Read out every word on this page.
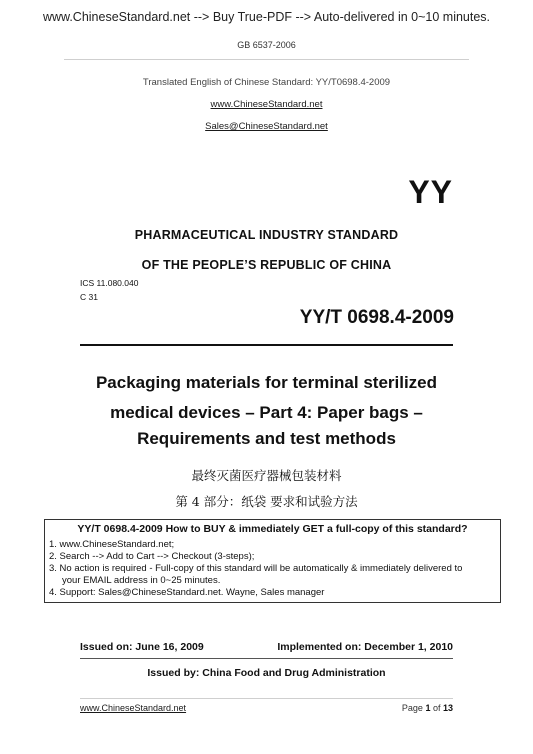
www.ChineseStandard.net --> Buy True-PDF --> Auto-delivered in 0~10 minutes.
GB 6537-2006
Translated English of Chinese Standard: YY/T0698.4-2009
www.ChineseStandard.net
Sales@ChineseStandard.net
YY
PHARMACEUTICAL INDUSTRY STANDARD
OF THE PEOPLE’S REPUBLIC OF CHINA
ICS 11.080.040
C 31
YY/T 0698.4-2009
Packaging materials for terminal sterilized
medical devices – Part 4: Paper bags –
Requirements and test methods
最终灭菌医疗器械包装材料
第 4 部分：纸袋 要求和试验方法
YY/T 0698.4-2009 How to BUY & immediately GET a full-copy of this standard?
1. www.ChineseStandard.net;
2. Search --> Add to Cart --> Checkout (3-steps);
3. No action is required - Full-copy of this standard will be automatically & immediately delivered to
your EMAIL address in 0~25 minutes.
4. Support: Sales@ChineseStandard.net. Wayne, Sales manager
Issued on: June 16, 2009	Implemented on: December 1, 2010
Issued by: China Food and Drug Administration
www.ChineseStandard.net	Page 1 of 13
